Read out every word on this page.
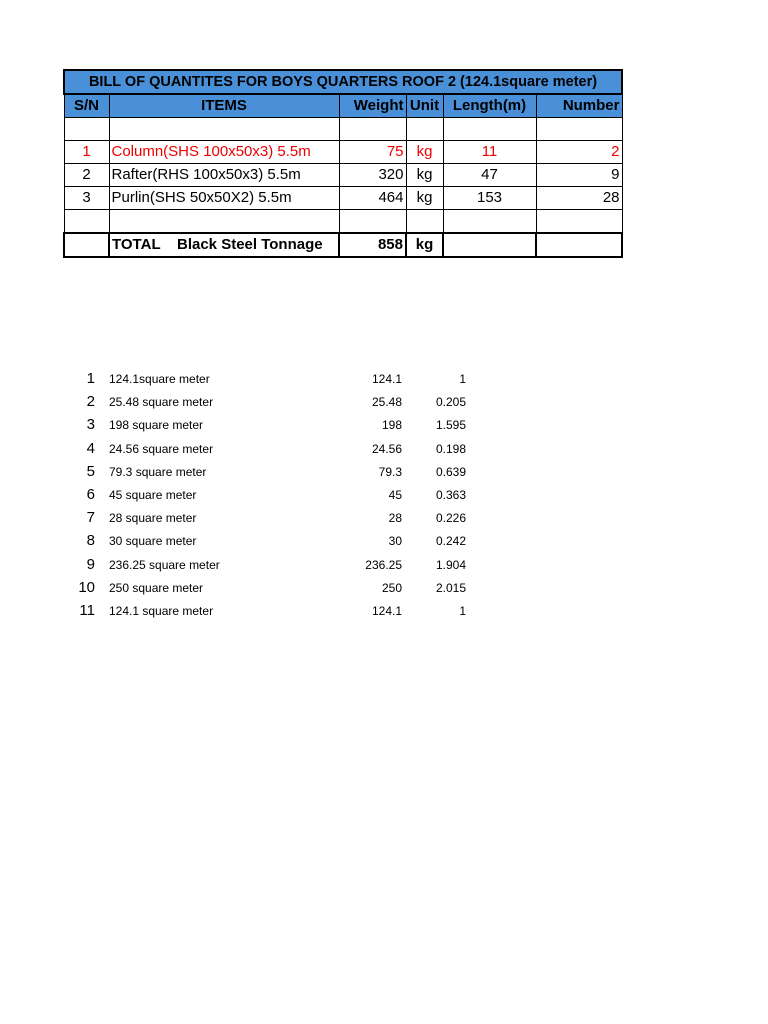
BILL OF QUANTITES FOR BOYS QUARTERS ROOF 2 (124.1square meter)					
S/N	ITEMS	Weight	Unit	Length(m)	Number

1	Column(SHS 100x50x3) 5.5m	75	kg	11	2
2	Rafter(RHS 100x50x3) 5.5m	320	kg	47	9
3	Purlin(SHS 50x50X2) 5.5m	464	kg	153	28

	TOTAL    Black Steel Tonnage	858	kg		
1 124.1square meter	124.1	1
2 25.48 square meter	25.48	0.205
3 198 square meter	198	1.595
4 24.56 square meter	24.56	0.198
5 79.3 square meter	79.3	0.639
6 45 square meter	45	0.363
7 28 square meter	28	0.226
8 30 square meter	30	0.242
9 236.25 square meter	236.25	1.904
10 250 square meter	250	2.015
11 124.1 square meter	124.1	1
